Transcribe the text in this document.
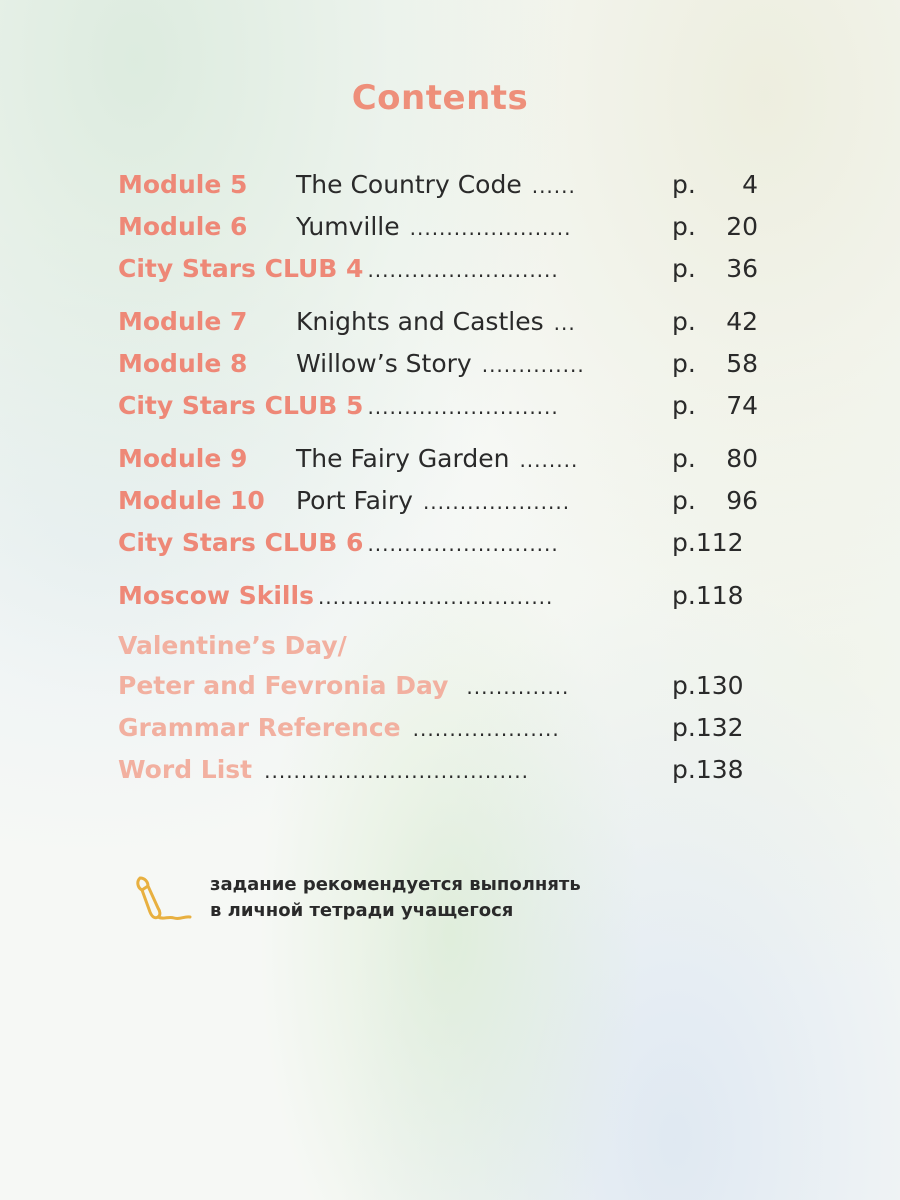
Contents
Module 5	The Country Code ......	p. 4
Module 6	Yumville ......................	p. 20
City Stars CLUB 4 ..........................	p. 36
Module 7	Knights and Castles ...	p. 42
Module 8	Willow’s Story ..............	p. 58
City Stars CLUB 5 ..........................	p. 74
Module 9	The Fairy Garden ........	p. 80
Module 10	Port Fairy ....................	p. 96
City Stars CLUB 6 ..........................	p.112
Moscow Skills ................................	p.118
Valentine’s Day/
Peter and Fevronia Day ..............	p.130
Grammar Reference ....................	p.132
Word List ....................................	p.138
задание рекомендуется выполнять
в личной тетради учащегося
